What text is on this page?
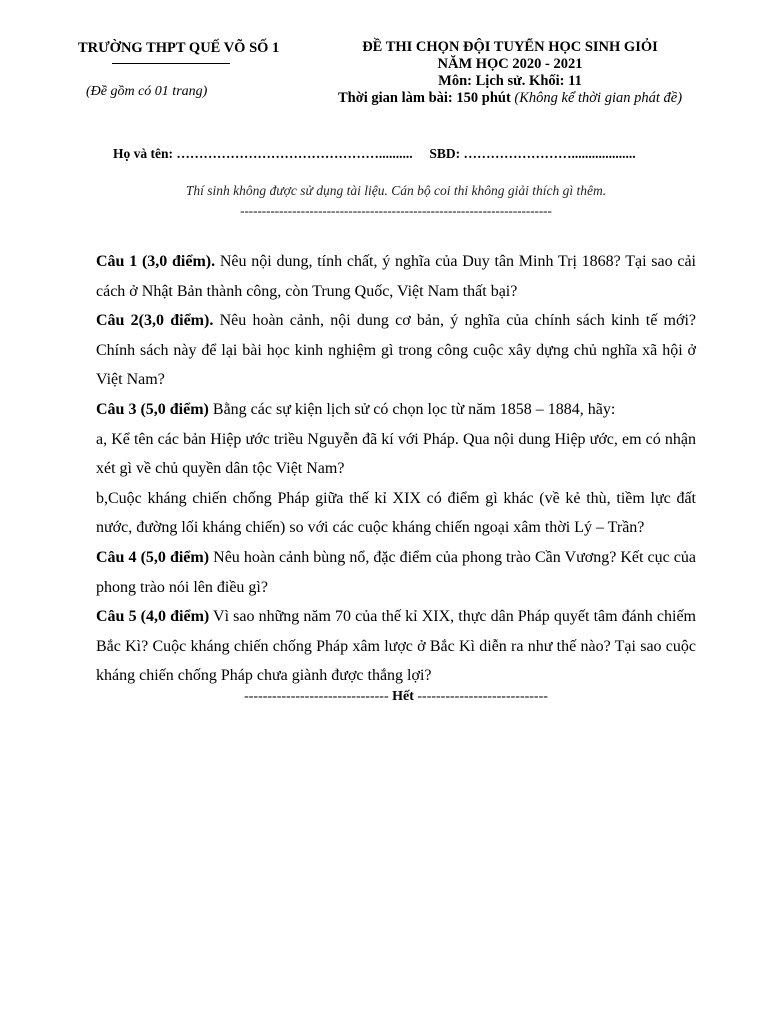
TRƯỜNG THPT QUẾ VÕ SỐ 1
(Đề gồm có 01 trang)
ĐỀ THI CHỌN ĐỘI TUYỂN HỌC SINH GIỎI
NĂM HỌC 2020 - 2021
Môn: Lịch sử. Khối: 11
Thời gian làm bài: 150 phút (Không kể thời gian phát đề)
Họ và tên: ……………………………………….......... SBD: ……………………...................
Thí sinh không được sử dụng tài liệu. Cán bộ coi thi không giải thích gì thêm.
------------------------------------------------------------------------

Câu 1 (3,0 điểm). Nêu nội dung, tính chất, ý nghĩa của Duy tân Minh Trị 1868? Tại sao cải cách ở Nhật Bản thành công, còn Trung Quốc, Việt Nam thất bại?

Câu 2(3,0 điểm). Nêu hoàn cảnh, nội dung cơ bản, ý nghĩa của chính sách kinh tế mới? Chính sách này để lại bài học kinh nghiệm gì trong công cuộc xây dựng chủ nghĩa xã hội ở Việt Nam?

Câu 3 (5,0 điểm) Bằng các sự kiện lịch sử có chọn lọc từ năm 1858 – 1884, hãy:

a, Kể tên các bản Hiệp ước triều Nguyễn đã kí với Pháp. Qua nội dung Hiệp ước, em có nhận xét gì về chủ quyền dân tộc Việt Nam?

b,Cuộc kháng chiến chống Pháp giữa thế kỉ XIX có điểm gì khác (về kẻ thù, tiềm lực đất nước, đường lối kháng chiến) so với các cuộc kháng chiến ngoại xâm thời Lý – Trần?

Câu 4 (5,0 điểm) Nêu hoàn cảnh bùng nổ, đặc điểm của phong trào Cần Vương? Kết cục của phong trào nói lên điều gì?

Câu 5 (4,0 điểm) Vì sao những năm 70 của thế kỉ XIX, thực dân Pháp quyết tâm đánh chiếm Bắc Kì? Cuộc kháng chiến chống Pháp xâm lược ở Bắc Kì diễn ra như thế nào? Tại sao cuộc kháng chiến chống Pháp chưa giành được thắng lợi?

------------------------------- Hết ----------------------------
